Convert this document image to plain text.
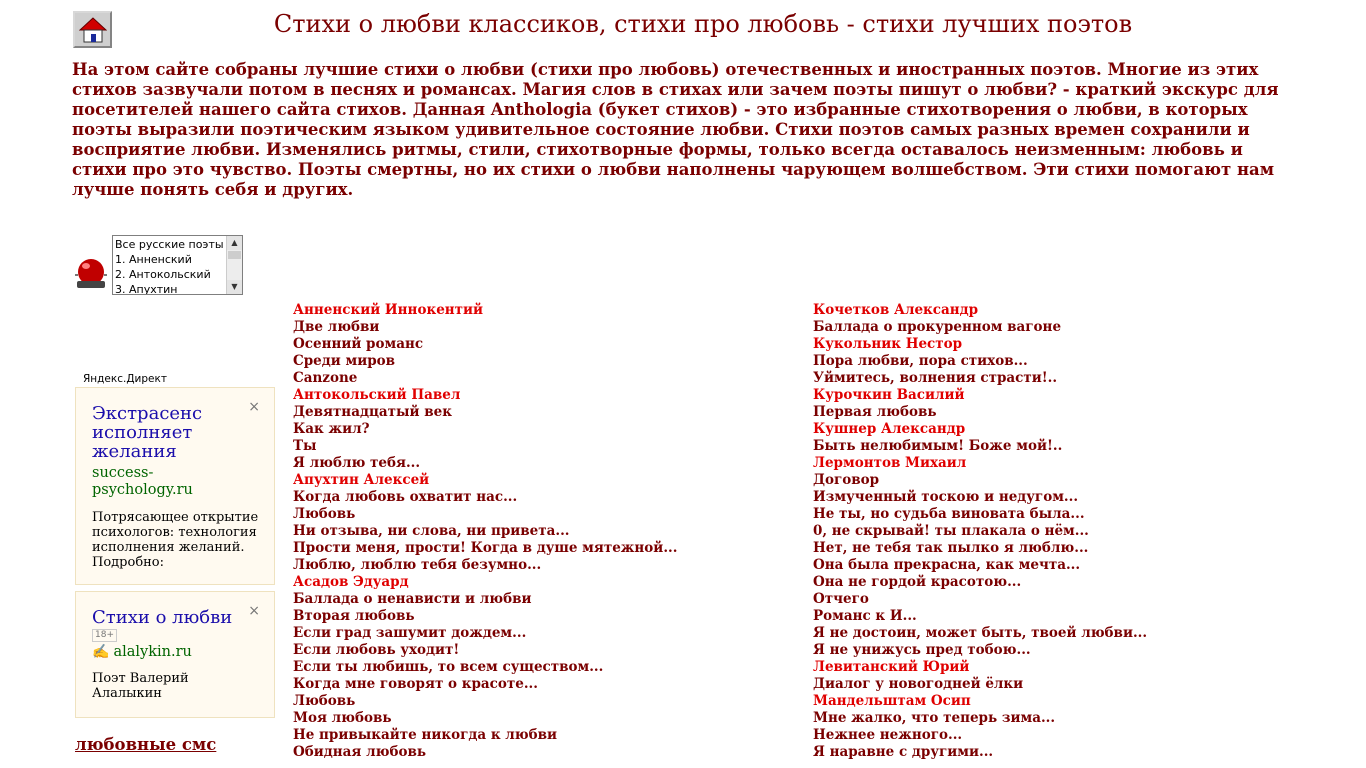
Стихи о любви классиков, стихи про любовь - стихи лучших поэтов

На этом сайте собраны лучшие стихи о любви (стихи про любовь) отечественных и иностранных поэтов. Многие из этих стихов зазвучали потом в песнях и романсах. Магия слов в стихах или зачем поэты пишут о любви? - краткий экскурс для посетителей нашего сайта стихов. Данная Anthologia (букет стихов) - это избранные стихотворения о любви, в которых поэты выразили поэтическим языком удивительное состояние любви. Стихи поэтов самых разных времен сохранили и восприятие любви. Изменялись ритмы, стили, стихотворные формы, только всегда оставалось неизменным: любовь и стихи про это чувство. Поэты смертны, но их стихи о любви наполнены чарующем волшебством. Эти стихи помогают нам лучше понять себя и других.

Все русские поэты
1. Анненский
2. Антокольский
3. Апухтин
▲
▼
Яндекс.Директ
×
Экстрасенс исполняет желания
success-psychology.ru
Потрясающее открытие психологов: технология исполнения желаний. Подробно:
×
Стихи о любви
18+
✍ alalykin.ru
Поэт Валерий Алалыкин
любовные смс
Анненский Иннокентий
Две любви
Осенний романс
Среди миров
Canzone
Антокольский Павел
Девятнадцатый век
Как жил?
Ты
Я люблю тебя...
Апухтин Алексей
Когда любовь охватит нас...
Любовь
Ни отзыва, ни слова, ни привета...
Прости меня, прости! Когда в душе мятежной...
Люблю, люблю тебя безумно...
Асадов Эдуард
Баллада о ненависти и любви
Вторая любовь
Если град зашумит дождем...
Если любовь уходит!
Если ты любишь, то всем существом...
Когда мне говорят о красоте...
Любовь
Моя любовь
Не привыкайте никогда к любви
Обидная любовь
Кочетков Александр
Баллада о прокуренном вагоне
Кукольник Нестор
Пора любви, пора стихов...
Уймитесь, волнения страсти!..
Курочкин Василий
Первая любовь
Кушнер Александр
Быть нелюбимым! Боже мой!..
Лермонтов Михаил
Договор
Измученный тоскою и недугом...
Не ты, но судьба виновата была...
0, не скрывай! ты плакала о нём...
Нет, не тебя так пылко я люблю...
Она была прекрасна, как мечта...
Она не гордой красотою...
Отчего
Романс к И...
Я не достоин, может быть, твоей любви...
Я не унижусь пред тобою...
Левитанский Юрий
Диалог у новогодней ёлки
Мандельштам Осип
Мне жалко, что теперь зима...
Нежнее нежного...
Я наравне с другими...
